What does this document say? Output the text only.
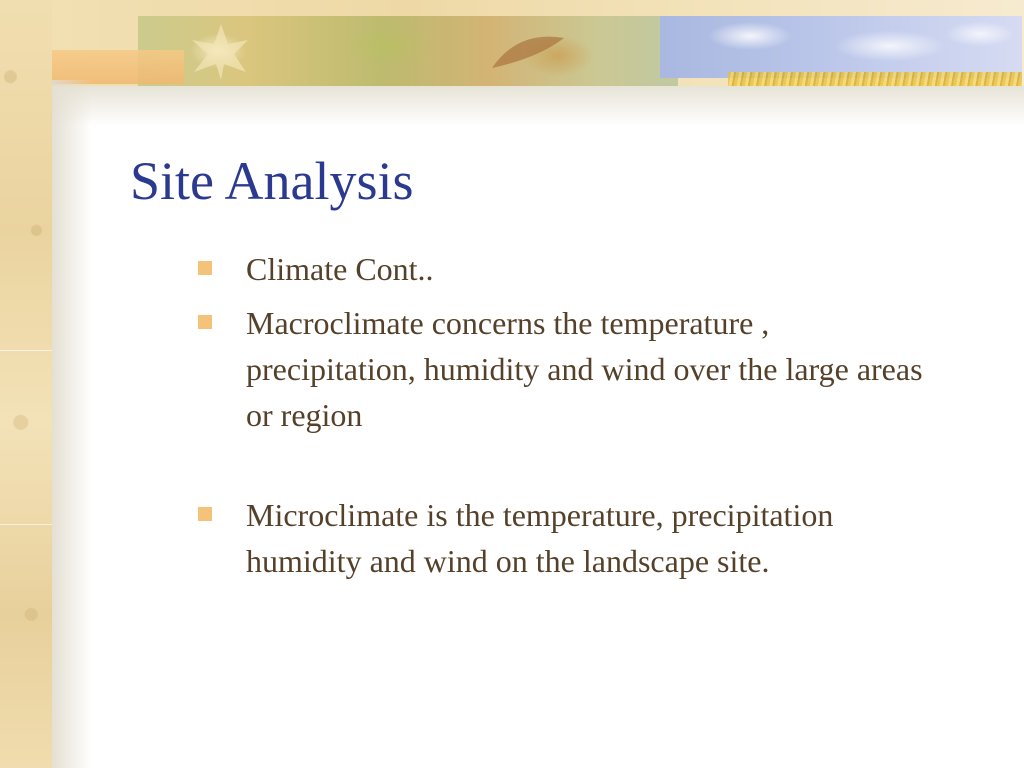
Site Analysis
Climate Cont..
Macroclimate concerns the temperature , precipitation, humidity and wind over the large areas or region
Microclimate is the temperature, precipitation humidity and wind on the landscape site.
